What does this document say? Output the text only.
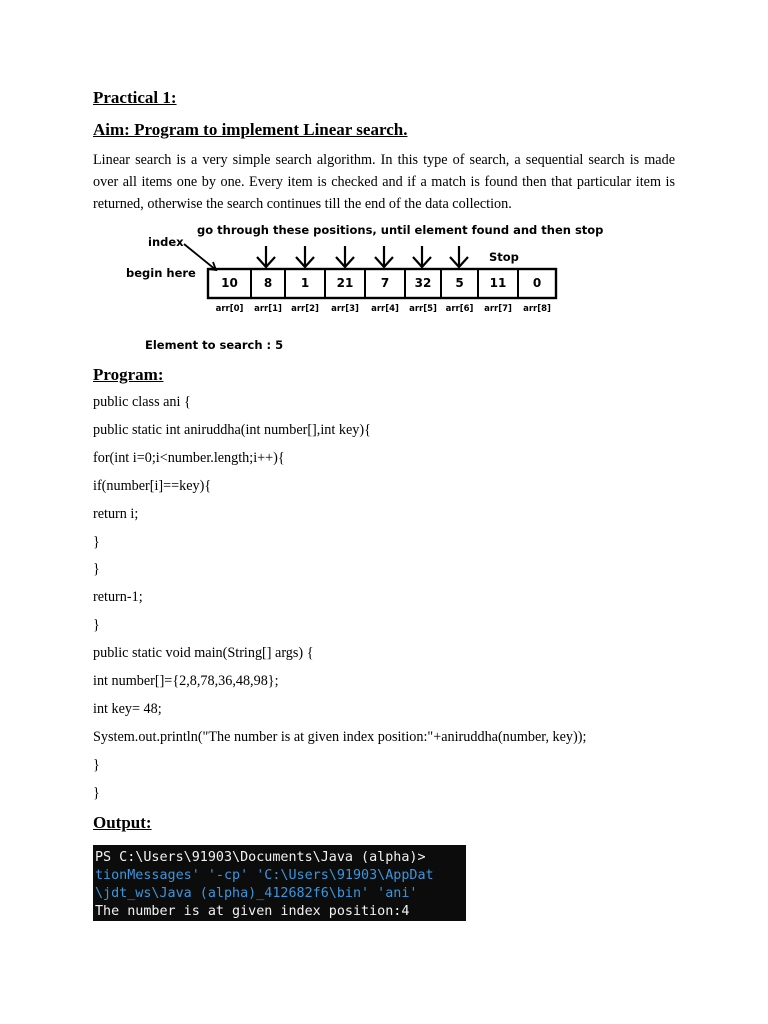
Practical 1:

Aim: Program to implement Linear search.

Linear search is a very simple search algorithm. In this type of search, a sequential search is made over all items one by one. Every item is checked and if a match is found then that particular item is returned, otherwise the search continues till the end of the data collection.

go through these positions, until element found and then stop
index
begin here
Stop
10 8 1 21 7 32 5 11 0
arr[0] arr[1] arr[2] arr[3] arr[4] arr[5] arr[6] arr[7] arr[8]
Element to search : 5

Program:

public class ani {

public static int aniruddha(int number[],int key){

for(int i=0;i<number.length;i++){

if(number[i]==key){

return i;

}

}

return-1;

}

public static void main(String[] args) {

int number[]={2,8,78,36,48,98};

int key= 48;

System.out.println("The number is at given index position:"+aniruddha(number, key));

}

}

Output:

PS C:\Users\91903\Documents\Java (alpha)>

tionMessages' '-cp' 'C:\Users\91903\AppDat

\jdt_ws\Java (alpha)_412682f6\bin' 'ani'

The number is at given index position:4
